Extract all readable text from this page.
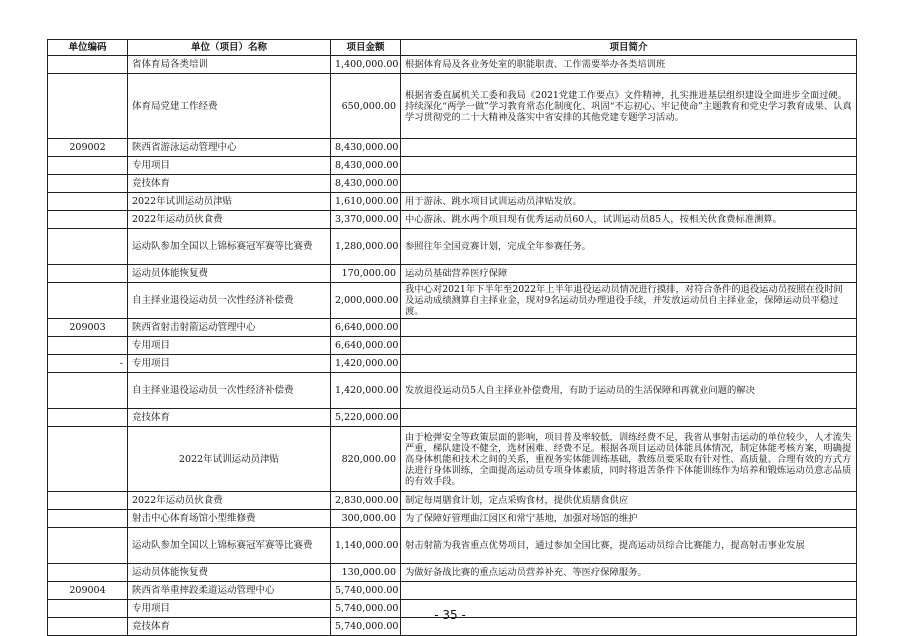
单位编码	单位（项目）名称	项目金额	项目简介
	省体育局各类培训	1,400,000.00	根据体育局及各业务处室的职能职责、工作需要举办各类培训班
	体育局党建工作经费	650,000.00	根据省委直属机关工委和我局《2021党建工作要点》文件精神，扎实推进基层组织建设全面进步全面过硬。持续深化“两学一做”学习教育常态化制度化、巩固“不忘初心、牢记使命”主题教育和党史学习教育成果、认真学习贯彻党的二十大精神及落实中省安排的其他党建专题学习活动。
209002	陕西省游泳运动管理中心	8,430,000.00	
	专用项目	8,430,000.00	
	竞技体育	8,430,000.00	
	2022年试训运动员津贴	1,610,000.00	用于游泳、跳水项目试训运动员津贴发放。
	2022年运动员伙食费	3,370,000.00	中心游泳、跳水两个项目现有优秀运动员60人，试训运动员85人，按相关伙食费标准测算。
	运动队参加全国以上锦标赛冠军赛等比赛费	1,280,000.00	参照往年全国竞赛计划，完成全年参赛任务。
	运动员体能恢复费	170,000.00	运动员基础营养医疗保障
	自主择业退役运动员一次性经济补偿费	2,000,000.00	我中心对2021年下半年至2022年上半年退役运动员情况进行摸排，对符合条件的退役运动员按照在役时间及运动成绩测算自主择业金，现对9名运动员办理退役手续，并发放运动员自主择业金，保障运动员平稳过渡。
209003	陕西省射击射箭运动管理中心	6,640,000.00	
	专用项目	6,640,000.00	
-	专用项目	1,420,000.00	
	自主择业退役运动员一次性经济补偿费	1,420,000.00	发放退役运动员5人自主择业补偿费用，有助于运动员的生活保障和再就业问题的解决
	竞技体育	5,220,000.00	
	2022年试训运动员津贴	820,000.00	由于枪弹安全等政策层面的影响，项目普及率较低，训练经费不足，我省从事射击运动的单位较少，人才流失严重，梯队建设不健全，选材困难、经费不足。根据各项目运动员体能具体情况，制定体能考核方案，明确提高身体机能和技术之间的关系，重视务实体能训练基础，教练员要采取有针对性、高质量、合理有效的方式方法进行身体训练，全面提高运动员专项身体素质，同时将退苦条件下体能训练作为培养和锻炼运动员意志品质的有效手段。
	2022年运动员伙食费	2,830,000.00	制定每周膳食计划，定点采购食材，提供优质膳食供应
	射击中心体育场馆小型维修费	300,000.00	为了保障好管理曲江园区和常宁基地，加强对场馆的维护
	运动队参加全国以上锦标赛冠军赛等比赛费	1,140,000.00	射击射箭为我省重点优势项目，通过参加全国比赛，提高运动员综合比赛能力，提高射击事业发展
	运动员体能恢复费	130,000.00	为做好备战比赛的重点运动员营养补充、等医疗保障服务。
209004	陕西省举重摔跤柔道运动管理中心	5,740,000.00	
	专用项目	5,740,000.00	
	竞技体育	5,740,000.00	
- 35 -
